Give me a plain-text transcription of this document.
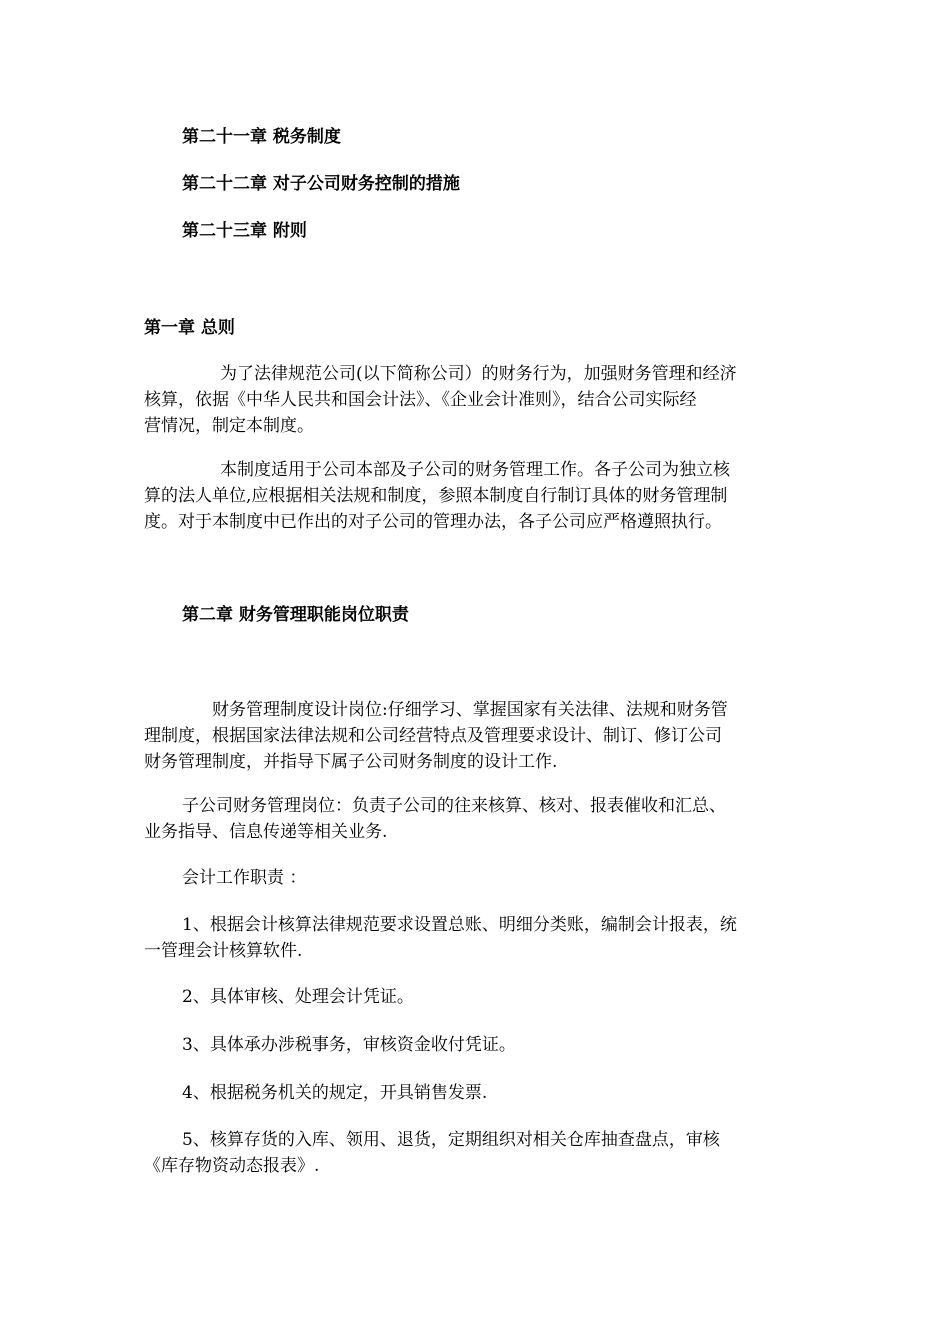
第二十一章 税务制度
第二十二章 对子公司财务控制的措施
第二十三章 附则
第一章 总则
为了法律规范公司(以下简称公司）的财务行为，加强财务管理和经济
核算，依据《中华人民共和国会计法》、《企业会计准则》，结合公司实际经
营情况，制定本制度。
本制度适用于公司本部及子公司的财务管理工作。各子公司为独立核
算的法人单位,应根据相关法规和制度，参照本制度自行制订具体的财务管理制
度。对于本制度中已作出的对子公司的管理办法，各子公司应严格遵照执行。
第二章 财务管理职能岗位职责
财务管理制度设计岗位:仔细学习、掌握国家有关法律、法规和财务管
理制度，根据国家法律法规和公司经营特点及管理要求设计、制订、修订公司
财务管理制度，并指导下属子公司财务制度的设计工作.
子公司财务管理岗位：负责子公司的往来核算、核对、报表催收和汇总、
业务指导、信息传递等相关业务.
会计工作职责 ：
1、根据会计核算法律规范要求设置总账、明细分类账，编制会计报表，统
一管理会计核算软件.
2、具体审核、处理会计凭证。
3、具体承办涉税事务，审核资金收付凭证。
4、根据税务机关的规定，开具销售发票.
5、核算存货的入库、领用、退货，定期组织对相关仓库抽查盘点，审核
《库存物资动态报表》.
